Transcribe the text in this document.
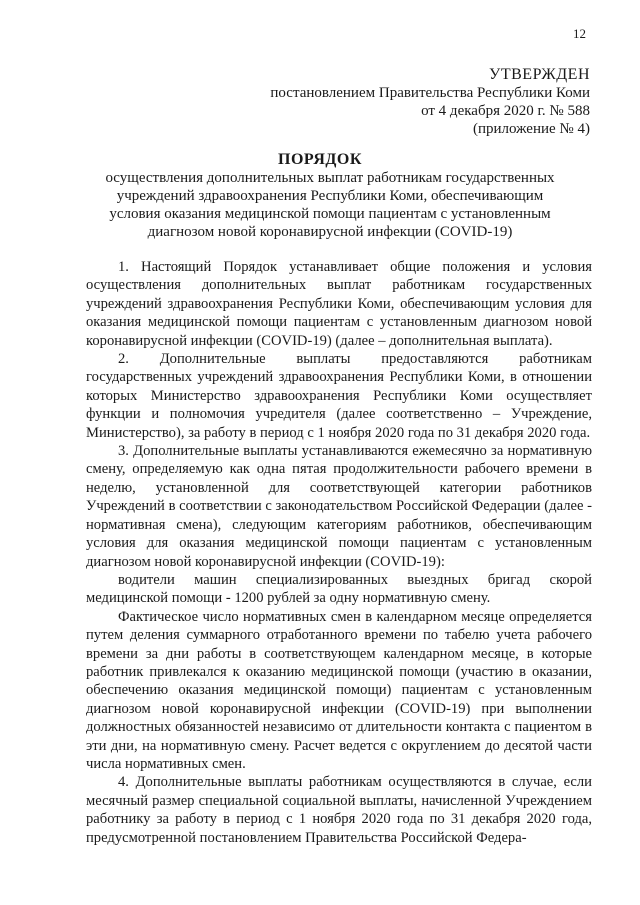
12
УТВЕРЖДЕН
постановлением Правительства Республики Коми
от 4 декабря 2020 г. № 588
(приложение № 4)
ПОРЯДОК
осуществления дополнительных выплат работникам государственных учреждений здравоохранения Республики Коми, обеспечивающим условия оказания медицинской помощи пациентам с установленным диагнозом новой коронавирусной инфекции (COVID-19)

1. Настоящий Порядок устанавливает общие положения и условия осуществления дополнительных выплат работникам государственных учреждений здравоохранения Республики Коми, обеспечивающим условия для оказания медицинской помощи пациентам с установленным диагнозом новой коронавирусной инфекции (COVID-19) (далее – дополнительная выплата).

2. Дополнительные выплаты предоставляются работникам государственных учреждений здравоохранения Республики Коми, в отношении которых Министерство здравоохранения Республики Коми осуществляет функции и полномочия учредителя (далее соответственно – Учреждение, Министерство), за работу в период с 1 ноября 2020 года по 31 декабря 2020 года.

3. Дополнительные выплаты устанавливаются ежемесячно за нормативную смену, определяемую как одна пятая продолжительности рабочего времени в неделю, установленной для соответствующей категории работников Учреждений в соответствии с законодательством Российской Федерации (далее - нормативная смена), следующим категориям работников, обеспечивающим условия для оказания медицинской помощи пациентам с установленным диагнозом новой коронавирусной инфекции (COVID-19):

водители машин специализированных выездных бригад скорой медицинской помощи - 1200 рублей за одну нормативную смену.

Фактическое число нормативных смен в календарном месяце определяется путем деления суммарного отработанного времени по табелю учета рабочего времени за дни работы в соответствующем календарном месяце, в которые работник привлекался к оказанию медицинской помощи (участию в оказании, обеспечению оказания медицинской помощи) пациентам с установленным диагнозом новой коронавирусной инфекции (COVID-19) при выполнении должностных обязанностей независимо от длительности контакта с пациентом в эти дни, на нормативную смену. Расчет ведется с округлением до десятой части числа нормативных смен.

4. Дополнительные выплаты работникам осуществляются в случае, если месячный размер специальной социальной выплаты, начисленной Учреждением работнику за работу в период с 1 ноября 2020 года по 31 декабря 2020 года, предусмотренной постановлением Правительства Российской Федера-
